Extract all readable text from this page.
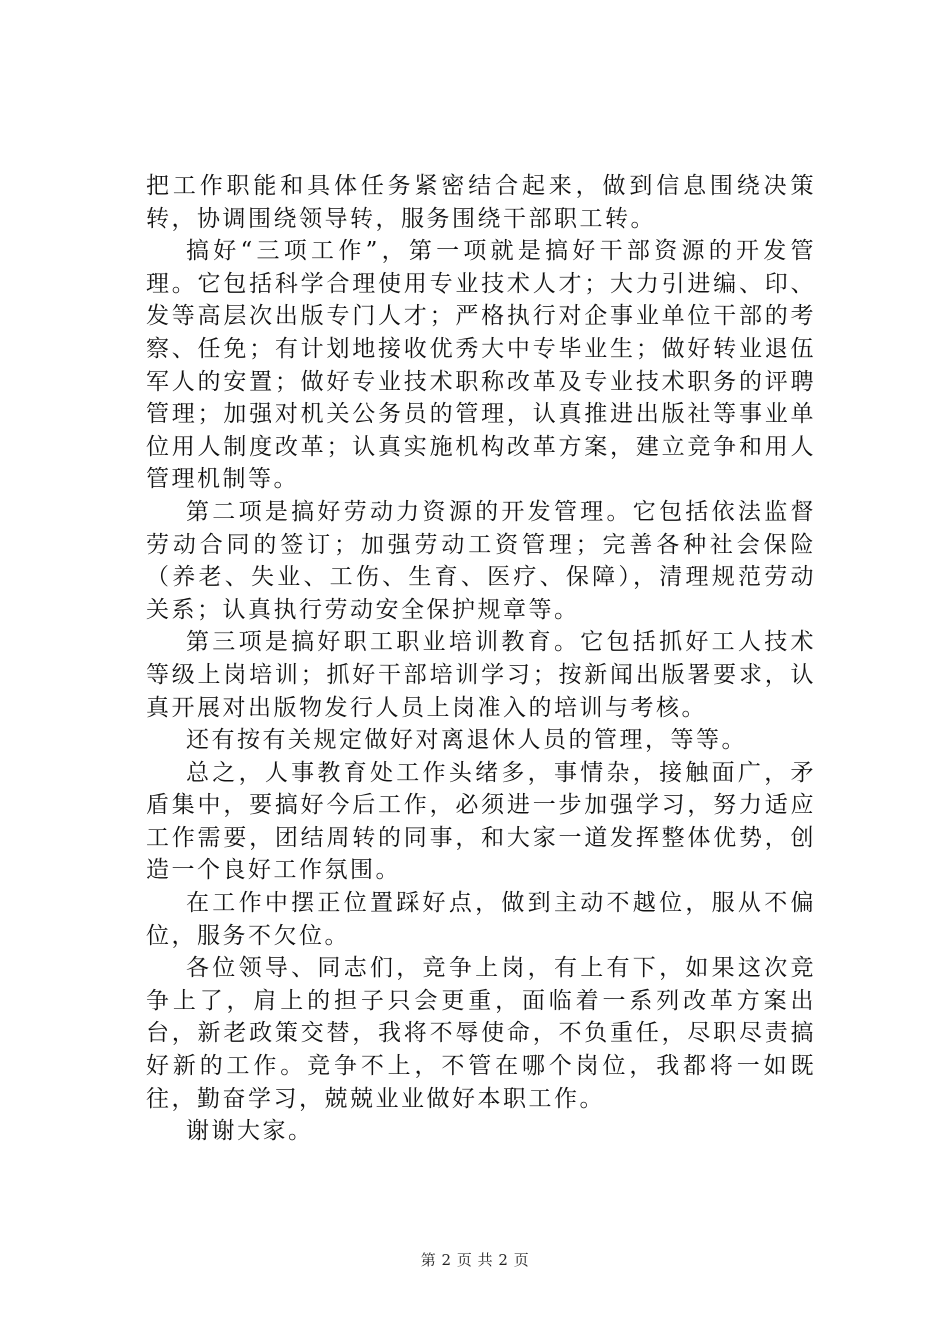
把工作职能和具体任务紧密结合起来，做到信息围绕决策转，协调围绕领导转，服务围绕干部职工转。

搞好“三项工作”，第一项就是搞好干部资源的开发管理。它包括科学合理使用专业技术人才；大力引进编、印、发等高层次出版专门人才；严格执行对企事业单位干部的考察、任免；有计划地接收优秀大中专毕业生；做好转业退伍军人的安置；做好专业技术职称改革及专业技术职务的评聘管理；加强对机关公务员的管理，认真推进出版社等事业单位用人制度改革；认真实施机构改革方案，建立竞争和用人管理机制等。

第二项是搞好劳动力资源的开发管理。它包括依法监督劳动合同的签订；加强劳动工资管理；完善各种社会保险（养老、失业、工伤、生育、医疗、保障），清理规范劳动关系；认真执行劳动安全保护规章等。

第三项是搞好职工职业培训教育。它包括抓好工人技术等级上岗培训；抓好干部培训学习；按新闻出版署要求，认真开展对出版物发行人员上岗准入的培训与考核。

还有按有关规定做好对离退休人员的管理，等等。

总之，人事教育处工作头绪多，事情杂，接触面广，矛盾集中，要搞好今后工作，必须进一步加强学习，努力适应工作需要，团结周转的同事，和大家一道发挥整体优势，创造一个良好工作氛围。

在工作中摆正位置踩好点，做到主动不越位，服从不偏位，服务不欠位。

各位领导、同志们，竞争上岗，有上有下，如果这次竞争上了，肩上的担子只会更重，面临着一系列改革方案出台，新老政策交替，我将不辱使命，不负重任，尽职尽责搞好新的工作。竞争不上，不管在哪个岗位，我都将一如既往，勤奋学习，兢兢业业做好本职工作。

谢谢大家。

第 2 页 共 2 页
